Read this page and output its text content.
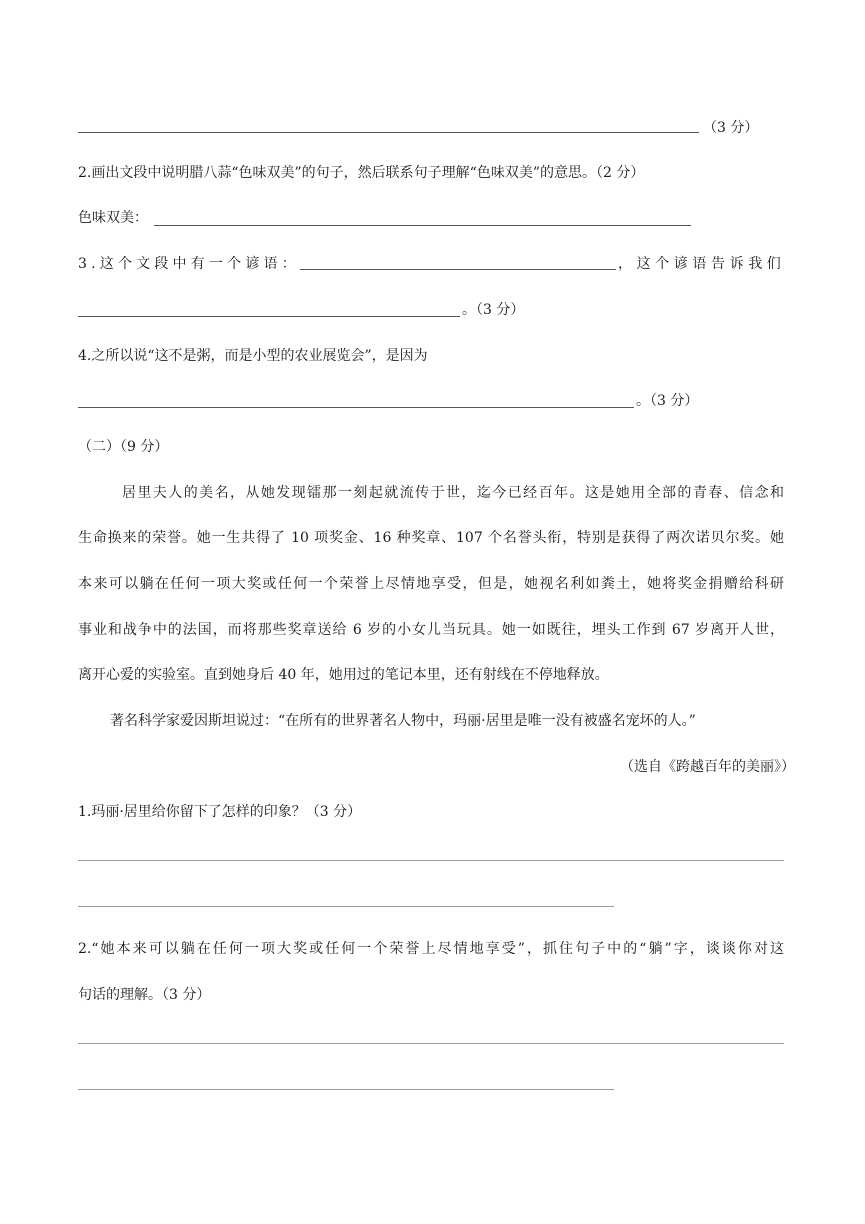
（3 分）
2.画出文段中说明腊八蒜“色味双美”的句子，然后联系句子理解“色味双美”的意思。（2 分）
色味双美：
3.这个文段中有一个谚语：	，这个谚语告诉我们
。（3 分）
4.之所以说“这不是粥，而是小型的农业展览会”，是因为
。（3 分）
（二）（9 分）
居里夫人的美名，从她发现镭那一刻起就流传于世，迄今已经百年。这是她用全部的青春、信念和
生命换来的荣誉。她一生共得了 10 项奖金、16 种奖章、107 个名誉头衔，特别是获得了两次诺贝尔奖。她
本来可以躺在任何一项大奖或任何一个荣誉上尽情地享受，但是，她视名利如粪土，她将奖金捐赠给科研
事业和战争中的法国，而将那些奖章送给 6 岁的小女儿当玩具。她一如既往，埋头工作到 67 岁离开人世，
离开心爱的实验室。直到她身后 40 年，她用过的笔记本里，还有射线在不停地释放。
著名科学家爱因斯坦说过：“在所有的世界著名人物中，玛丽·居里是唯一没有被盛名宠坏的人。”
（选自《跨越百年的美丽》）
1.玛丽·居里给你留下了怎样的印象？（3 分）
2.“她本来可以躺在任何一项大奖或任何一个荣誉上尽情地享受”，抓住句子中的“躺”字，谈谈你对这
句话的理解。（3 分）
